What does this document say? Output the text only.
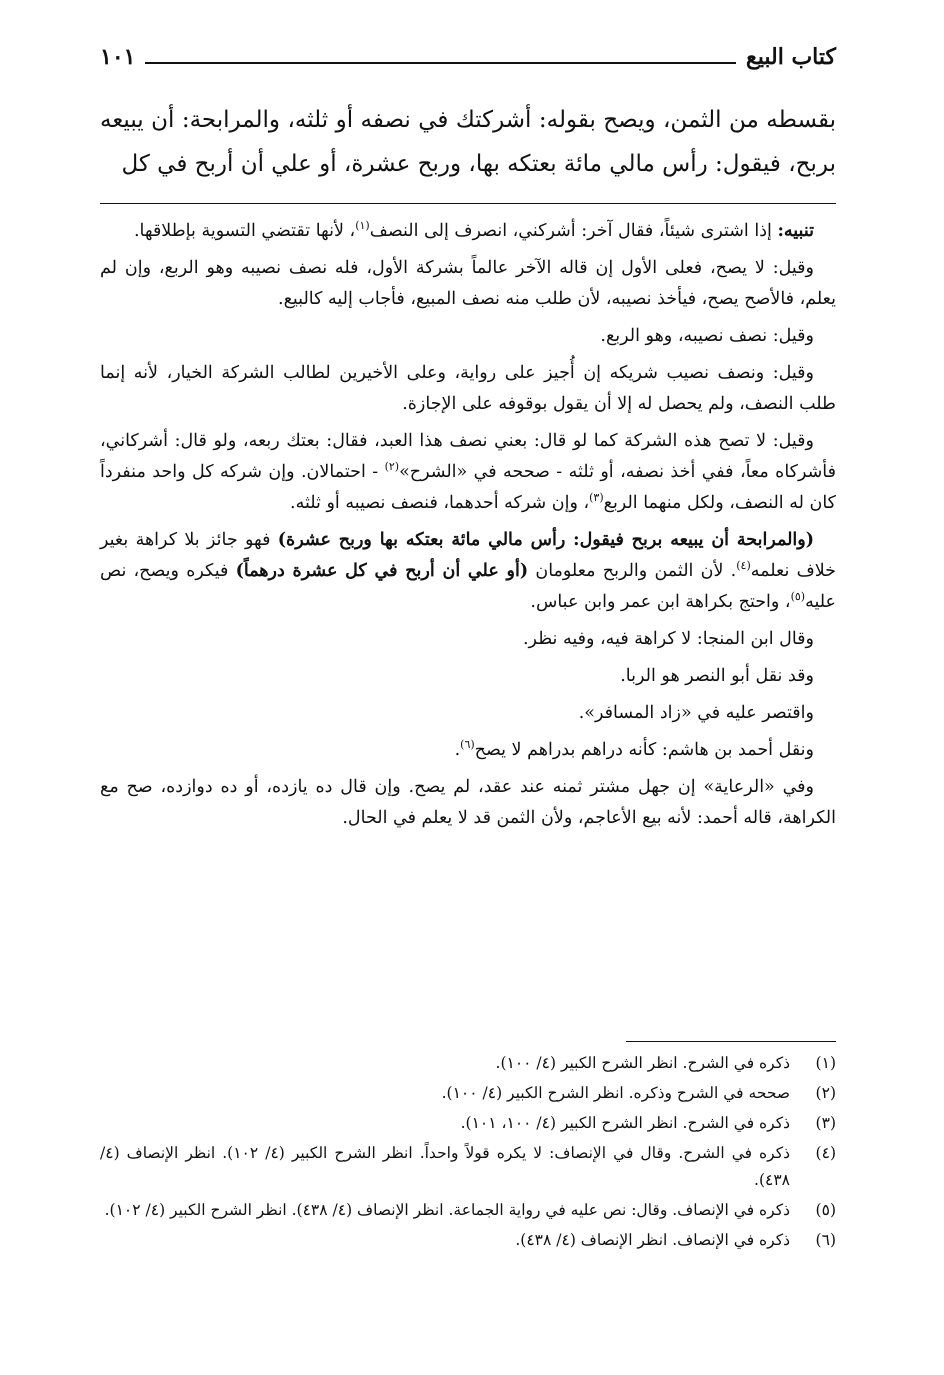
كتاب البيع
١٠١

بقسطه من الثمن، ويصح بقوله: أشركتك في نصفه أو ثلثه، والمرابحة: أن يبيعه بربح، فيقول: رأس مالي مائة بعتكه بها، وربح عشرة، أو علي أن أربح في كل

تنبيه: إذا اشترى شيئاً، فقال آخر: أشركني، انصرف إلى النصف$^{(١)}$، لأنها تقتضي التسوية بإطلاقها.

وقيل: لا يصح، فعلى الأول إن قاله الآخر عالماً بشركة الأول، فله نصف نصيبه وهو الربع، وإن لم يعلم، فالأصح يصح، فيأخذ نصيبه، لأن طلب منه نصف المبيع، فأجاب إليه كالبيع.

وقيل: نصف نصيبه، وهو الربع.

وقيل: ونصف نصيب شريكه إن أُجيز على رواية، وعلى الأخيرين لطالب الشركة الخيار، لأنه إنما طلب النصف، ولم يحصل له إلا أن يقول بوقوفه على الإجازة.

وقيل: لا تصح هذه الشركة كما لو قال: بعني نصف هذا العبد، فقال: بعتك ربعه، ولو قال: أشركاني، فأشركاه معاً، ففي أخذ نصفه، أو ثلثه - صححه في «الشرح»$^{(٢)}$ - احتمالان. وإن شركه كل واحد منفرداً كان له النصف، ولكل منهما الربع$^{(٣)}$، وإن شركه أحدهما، فنصف نصيبه أو ثلثه.

(والمرابحة أن يبيعه بربح فيقول: رأس مالي مائة بعتكه بها وربح عشرة) فهو جائز بلا كراهة بغير خلاف نعلمه$^{(٤)}$. لأن الثمن والربح معلومان (أو علي أن أربح في كل عشرة درهماً) فيكره ويصح، نص عليه$^{(٥)}$، واحتج بكراهة ابن عمر وابن عباس.

وقال ابن المنجا: لا كراهة فيه، وفيه نظر.

وقد نقل أبو النصر هو الربا.

واقتصر عليه في «زاد المسافر».

ونقل أحمد بن هاشم: كأنه دراهم بدراهم لا يصح$^{(٦)}$.

وفي «الرعاية» إن جهل مشتر ثمنه عند عقد، لم يصح. وإن قال ده يازده، أو ده دوازده، صح مع الكراهة، قاله أحمد: لأنه بيع الأعاجم، ولأن الثمن قد لا يعلم في الحال.

(١)
ذكره في الشرح. انظر الشرح الكبير (٤/ ١٠٠).
(٢)
صححه في الشرح وذكره. انظر الشرح الكبير (٤/ ١٠٠).
(٣)
ذكره في الشرح. انظر الشرح الكبير (٤/ ١٠٠، ١٠١).
(٤)
ذكره في الشرح. وقال في الإنصاف: لا يكره قولاً واحداً. انظر الشرح الكبير (٤/ ١٠٢). انظر الإنصاف (٤/ ٤٣٨).
(٥)
ذكره في الإنصاف. وقال: نص عليه في رواية الجماعة. انظر الإنصاف (٤/ ٤٣٨). انظر الشرح الكبير (٤/ ١٠٢).
(٦)
ذكره في الإنصاف. انظر الإنصاف (٤/ ٤٣٨).
